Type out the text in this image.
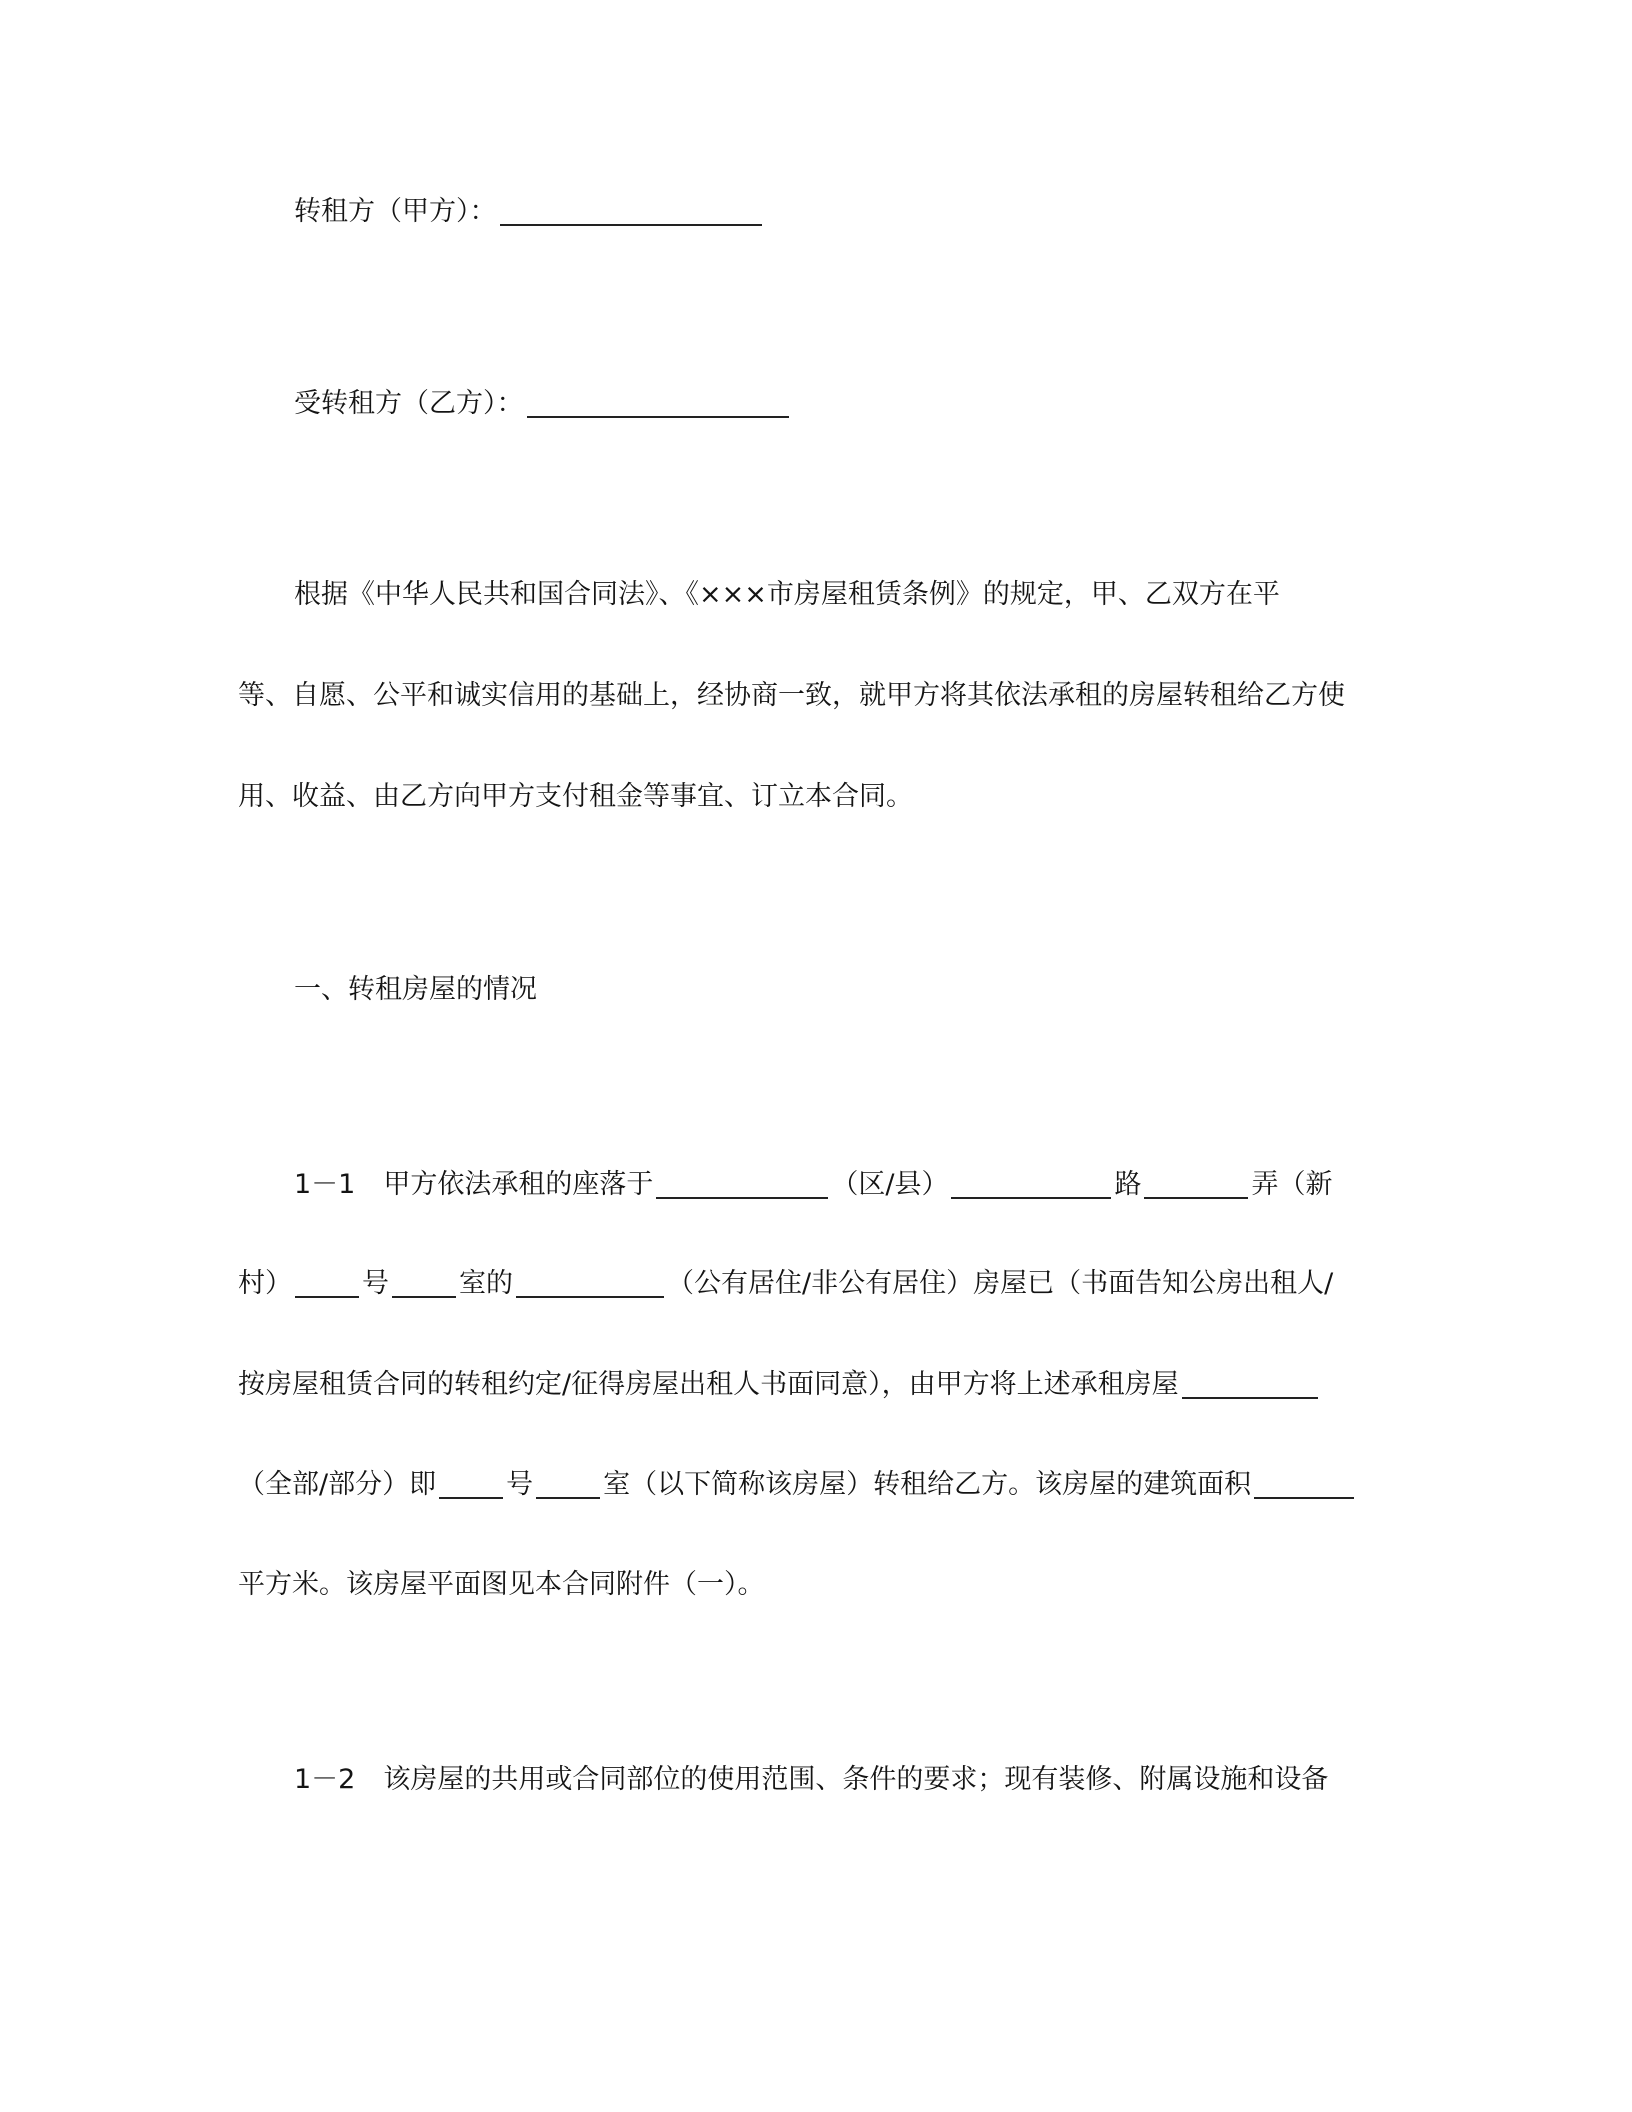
转租方（甲方）：
受转租方（乙方）：
根据《中华人民共和国合同法》、《×××市房屋租赁条例》的规定，甲、乙双方在平
等、自愿、公平和诚实信用的基础上，经协商一致，就甲方将其依法承租的房屋转租给乙方使
用、收益、由乙方向甲方支付租金等事宜、订立本合同。
一、转租房屋的情况
1－1 甲方依法承租的座落于	（区/县）	路	弄（新
村）	号	室的	（公有居住/非公有居住）房屋已（书面告知公房出租人/
按房屋租赁合同的转租约定/征得房屋出租人书面同意），由甲方将上述承租房屋
（全部/部分）即	号	室（以下简称该房屋）转租给乙方。该房屋的建筑面积
平方米。该房屋平面图见本合同附件（一）。
1－2 该房屋的共用或合同部位的使用范围、条件的要求；现有装修、附属设施和设备
